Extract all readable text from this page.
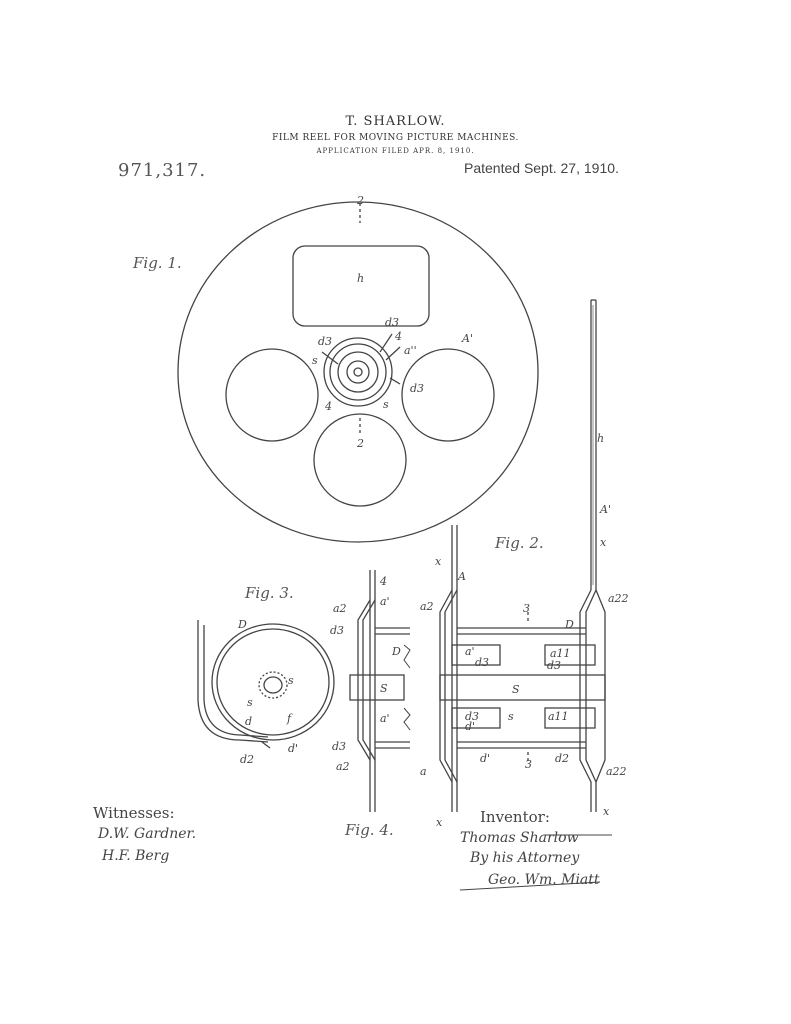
T. SHARLOW.
FILM REEL FOR MOVING PICTURE MACHINES.
APPLICATION FILED APR. 8, 1910.
971,317.	Patented Sept. 27, 1910.
Fig. 1.
Fig. 2.
Fig. 3.
Fig. 4.
2
h
A'
d3
4
a''
d3
s
d3
4	s
2	h
A'
x
x
A
a2
a22
3
D
a'
d3
a11
d3
S
d3
d'
s	a11
d'	3 d2
a	a22
x
x
D
s
s
d	f
d2
d'
4
a2
a'
d3
D
S
a'
d3
a2
Witnesses:
D.W. Gardner.
H.F. Berg
Inventor:
Thomas Sharlow
By his Attorney
Geo. Wm. Miatt
